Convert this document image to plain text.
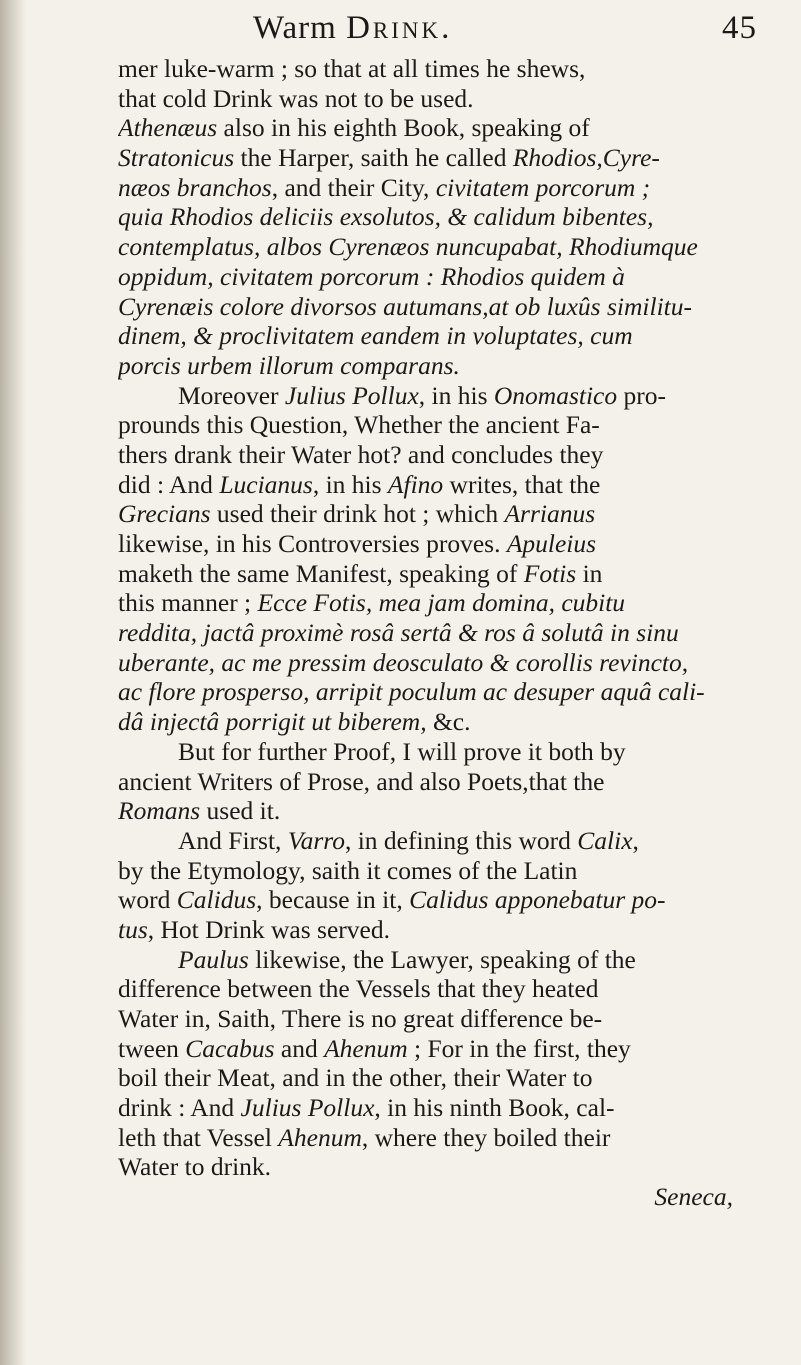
Warm Drink.	45
mer luke-warm ; so that at all times he shews,
that cold Drink was not to be used.
Athenæus also in his eighth Book, speaking of
Stratonicus the Harper, saith he called Rhodios,Cyre-
næos branchos, and their City, civitatem porcorum ;
quia Rhodios deliciis exsolutos, & calidum bibentes,
contemplatus, albos Cyrenæos nuncupabat, Rhodiumque
oppidum, civitatem porcorum : Rhodios quidem à
Cyrenæis colore divorsos autumans,at ob luxûs similitu-
dinem, & proclivitatem eandem in voluptates, cum
porcis urbem illorum comparans.
Moreover Julius Pollux, in his Onomastico pro-
prounds this Question, Whether the ancient Fa-
thers drank their Water hot? and concludes they
did : And Lucianus, in his Afino writes, that the
Grecians used their drink hot ; which Arrianus
likewise, in his Controversies proves. Apuleius
maketh the same Manifest, speaking of Fotis in
this manner ; Ecce Fotis, mea jam domina, cubitu
reddita, jactâ proximè rosâ sertâ & ros â solutâ in sinu
uberante, ac me pressim deosculato & corollis revincto,
ac flore prosperso, arripit poculum ac desuper aquâ cali-
dâ injectâ porrigit ut biberem, &c.
But for further Proof, I will prove it both by
ancient Writers of Prose, and also Poets,that the
Romans used it.
And First, Varro, in defining this word Calix,
by the Etymology, saith it comes of the Latin
word Calidus, because in it, Calidus apponebatur po-
tus, Hot Drink was served.
Paulus likewise, the Lawyer, speaking of the
difference between the Vessels that they heated
Water in, Saith, There is no great difference be-
tween Cacabus and Ahenum ; For in the first, they
boil their Meat, and in the other, their Water to
drink : And Julius Pollux, in his ninth Book, cal-
leth that Vessel Ahenum, where they boiled their
Water to drink.
Seneca,
